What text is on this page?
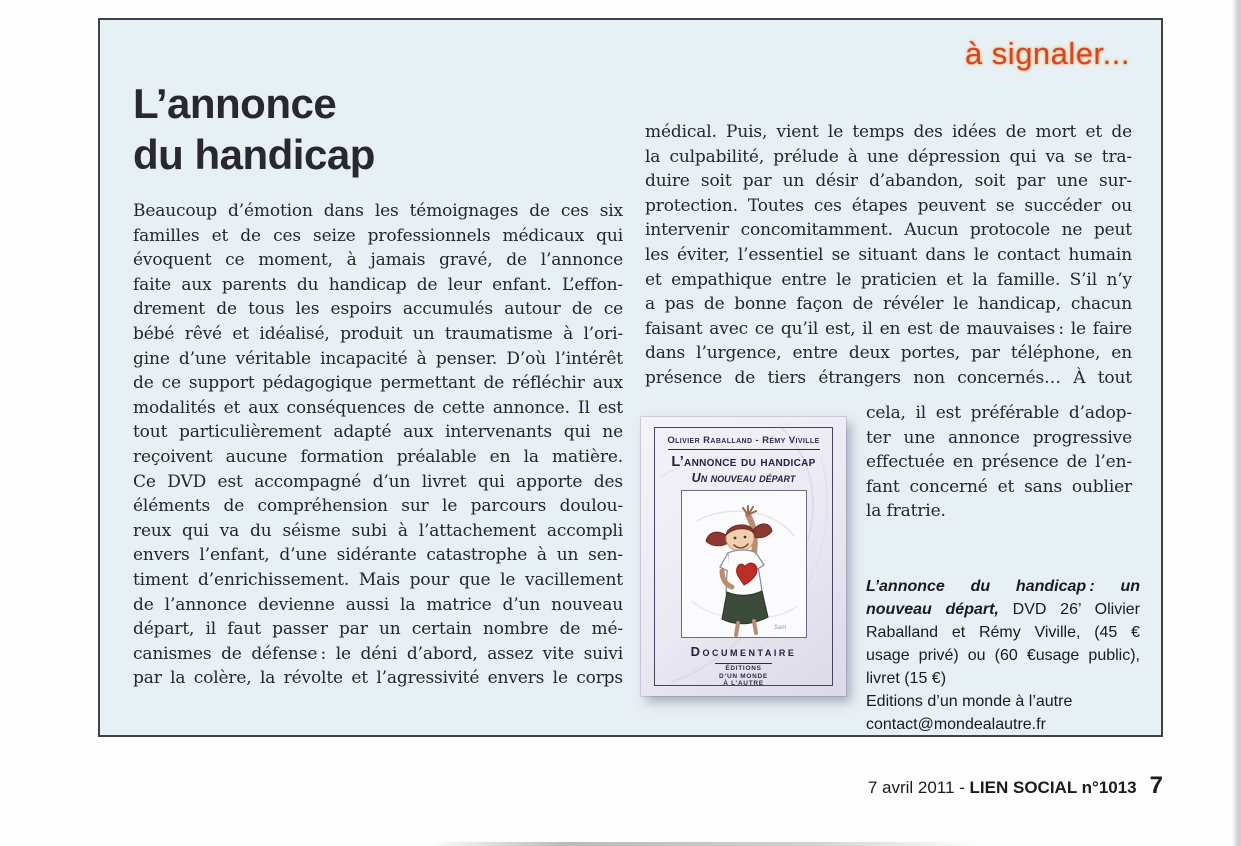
à signaler...
L’annonce
du handicap
Beaucoup d’émotion dans les témoignages de ces six
familles et de ces seize professionnels médicaux qui
évoquent ce moment, à jamais gravé, de l’annonce
faite aux parents du handicap de leur enfant. L’effon-
drement de tous les espoirs accumulés autour de ce
bébé rêvé et idéalisé, produit un traumatisme à l’ori-
gine d’une véritable incapacité à penser. D’où l’intérêt
de ce support pédagogique permettant de réfléchir aux
modalités et aux conséquences de cette annonce. Il est
tout particulièrement adapté aux intervenants qui ne
reçoivent aucune formation préalable en la matière.
Ce DVD est accompagné d’un livret qui apporte des
éléments de compréhension sur le parcours doulou-
reux qui va du séisme subi à l’attachement accompli
envers l’enfant, d’une sidérante catastrophe à un sen-
timent d’enrichissement. Mais pour que le vacillement
de l’annonce devienne aussi la matrice d’un nouveau
départ, il faut passer par un certain nombre de mé-
canismes de défense : le déni d’abord, assez vite suivi
par la colère, la révolte et l’agressivité envers le corps
médical. Puis, vient le temps des idées de mort et de
la culpabilité, prélude à une dépression qui va se tra-
duire soit par un désir d’abandon, soit par une sur-
protection. Toutes ces étapes peuvent se succéder ou
intervenir concomitamment. Aucun protocole ne peut
les éviter, l’essentiel se situant dans le contact humain
et empathique entre le praticien et la famille. S’il n’y
a pas de bonne façon de révéler le handicap, chacun
faisant avec ce qu’il est, il en est de mauvaises : le faire
dans l’urgence, entre deux portes, par téléphone, en
présence de tiers étrangers non concernés… À tout
cela, il est préférable d’adop-
ter une annonce progressive
effectuée en présence de l’en-
fant concerné et sans oublier
la fratrie.
Olivier Raballand - Rémy Viville
L’annonce du handicap
Un nouveau départ
Sam
Documentaire
ÉDITIONS
D’UN MONDE
À L’AUTRE
L’annonce du handicap : un nouveau départ, DVD 26’ Olivier Raballand et Rémy Viville, (45 € usage privé) ou (60 €usage public), livret (15 €)
Editions d’un monde à l’autre
contact@mondealautre.fr
7 avril 2011 - LIEN SOCIAL n°1013 7
